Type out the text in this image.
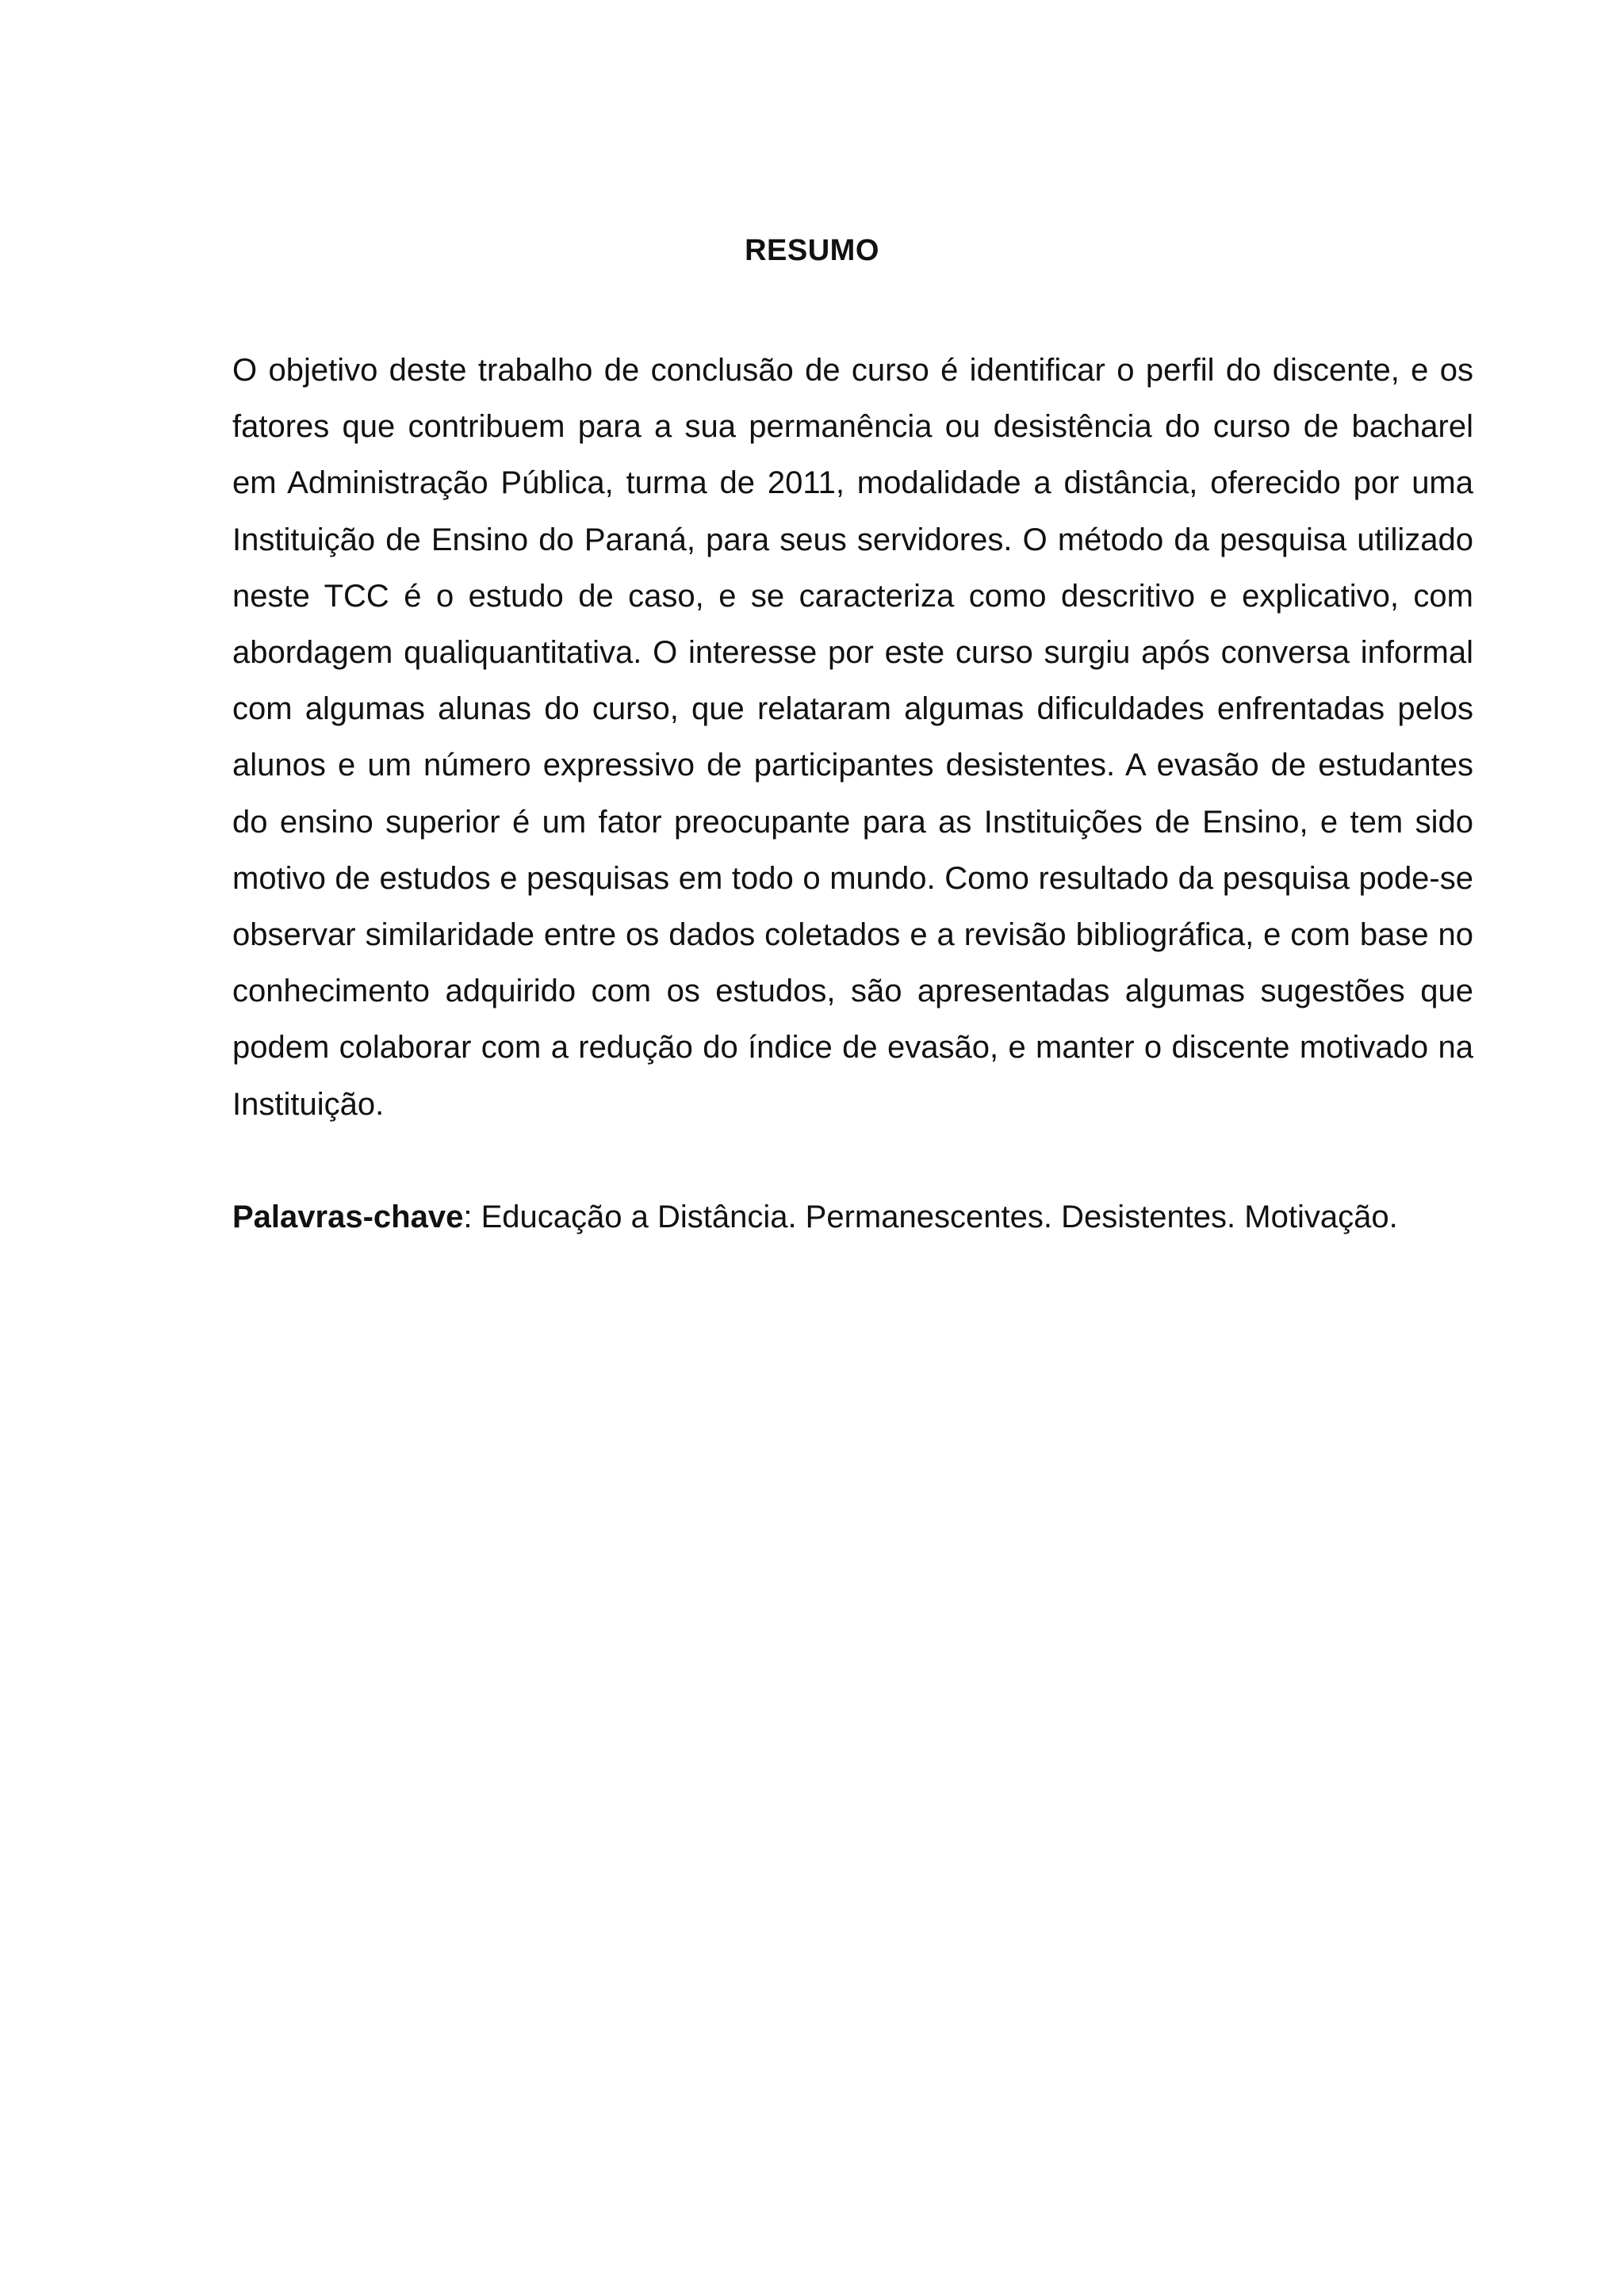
RESUMO

O objetivo deste trabalho de conclusão de curso é identificar o perfil do discente, e os fatores que contribuem para a sua permanência ou desistência do curso de bacharel em Administração Pública, turma de 2011, modalidade a distância, oferecido por uma Instituição de Ensino do Paraná, para seus servidores. O método da pesquisa utilizado neste TCC é o estudo de caso, e se caracteriza como descritivo e explicativo, com abordagem qualiquantitativa. O interesse por este curso surgiu após conversa informal com algumas alunas do curso, que relataram algumas dificuldades enfrentadas pelos alunos e um número expressivo de participantes desistentes. A evasão de estudantes do ensino superior é um fator preocupante para as Instituições de Ensino, e tem sido motivo de estudos e pesquisas em todo o mundo. Como resultado da pesquisa pode-se observar similaridade entre os dados coletados e a revisão bibliográfica, e com base no conhecimento adquirido com os estudos, são apresentadas algumas sugestões que podem colaborar com a redução do índice de evasão, e manter o discente motivado na Instituição.

Palavras-chave: Educação a Distância. Permanescentes. Desistentes. Motivação.
